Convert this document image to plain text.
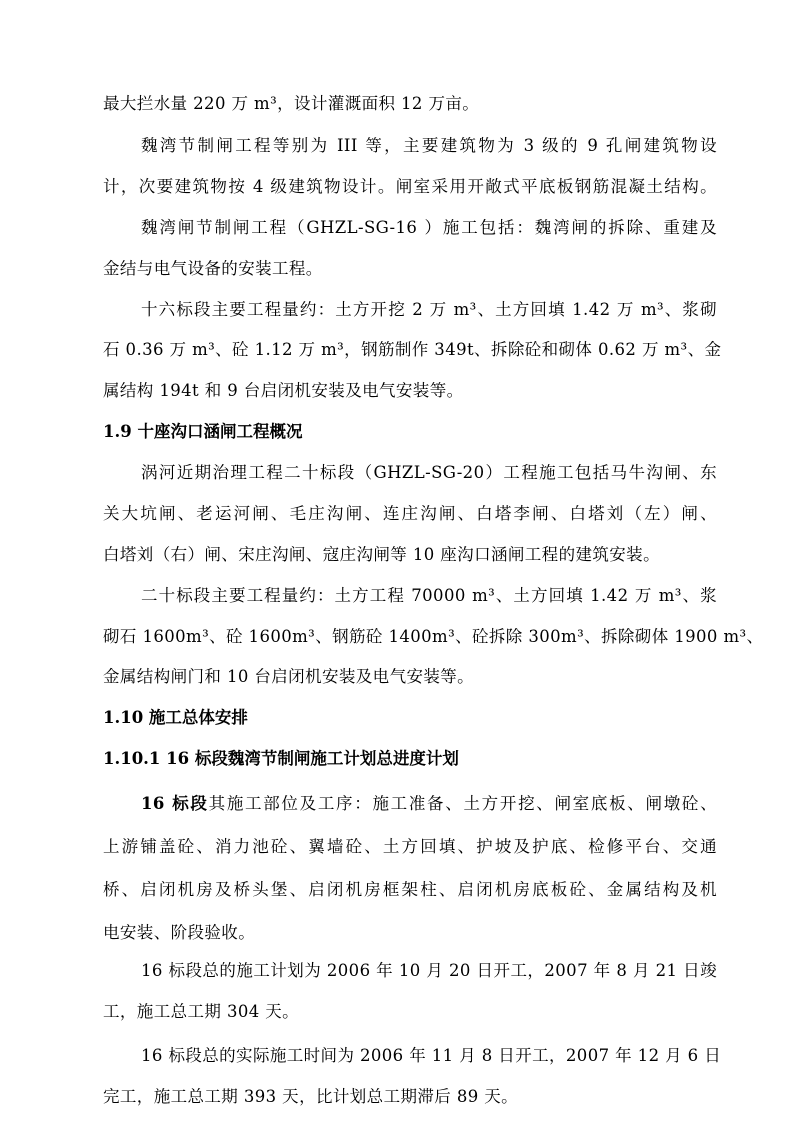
最大拦水量 220 万 m³，设计灌溉面积 12 万亩。
魏湾节制闸工程等别为 III 等，主要建筑物为 3 级的 9 孔闸建筑物设
计，次要建筑物按 4 级建筑物设计。闸室采用开敞式平底板钢筋混凝土结构。
魏湾闸节制闸工程（GHZL-SG-16 ）施工包括：魏湾闸的拆除、重建及
金结与电气设备的安装工程。
十六标段主要工程量约：土方开挖 2 万 m³、土方回填 1.42 万 m³、浆砌
石 0.36 万 m³、砼 1.12 万 m³，钢筋制作 349t、拆除砼和砌体 0.62 万 m³、金
属结构 194t 和 9 台启闭机安装及电气安装等。
1.9 十座沟口涵闸工程概况
涡河近期治理工程二十标段（GHZL-SG-20）工程施工包括马牛沟闸、东
关大坑闸、老运河闸、毛庄沟闸、连庄沟闸、白塔李闸、白塔刘（左）闸、
白塔刘（右）闸、宋庄沟闸、寇庄沟闸等 10 座沟口涵闸工程的建筑安装。
二十标段主要工程量约：土方工程 70000 m³、土方回填 1.42 万 m³、浆
砌石 1600m³、砼 1600m³、钢筋砼 1400m³、砼拆除 300m³、拆除砌体 1900 m³、
金属结构闸门和 10 台启闭机安装及电气安装等。
1.10 施工总体安排
1.10.1 16 标段魏湾节制闸施工计划总进度计划
16 标段其施工部位及工序：施工准备、土方开挖、闸室底板、闸墩砼、
上游铺盖砼、消力池砼、翼墙砼、土方回填、护坡及护底、检修平台、交通
桥、启闭机房及桥头堡、启闭机房框架柱、启闭机房底板砼、金属结构及机
电安装、阶段验收。
16 标段总的施工计划为 2006 年 10 月 20 日开工，2007 年 8 月 21 日竣
工，施工总工期 304 天。
16 标段总的实际施工时间为 2006 年 11 月 8 日开工，2007 年 12 月 6 日
完工，施工总工期 393 天，比计划总工期滞后 89 天。
